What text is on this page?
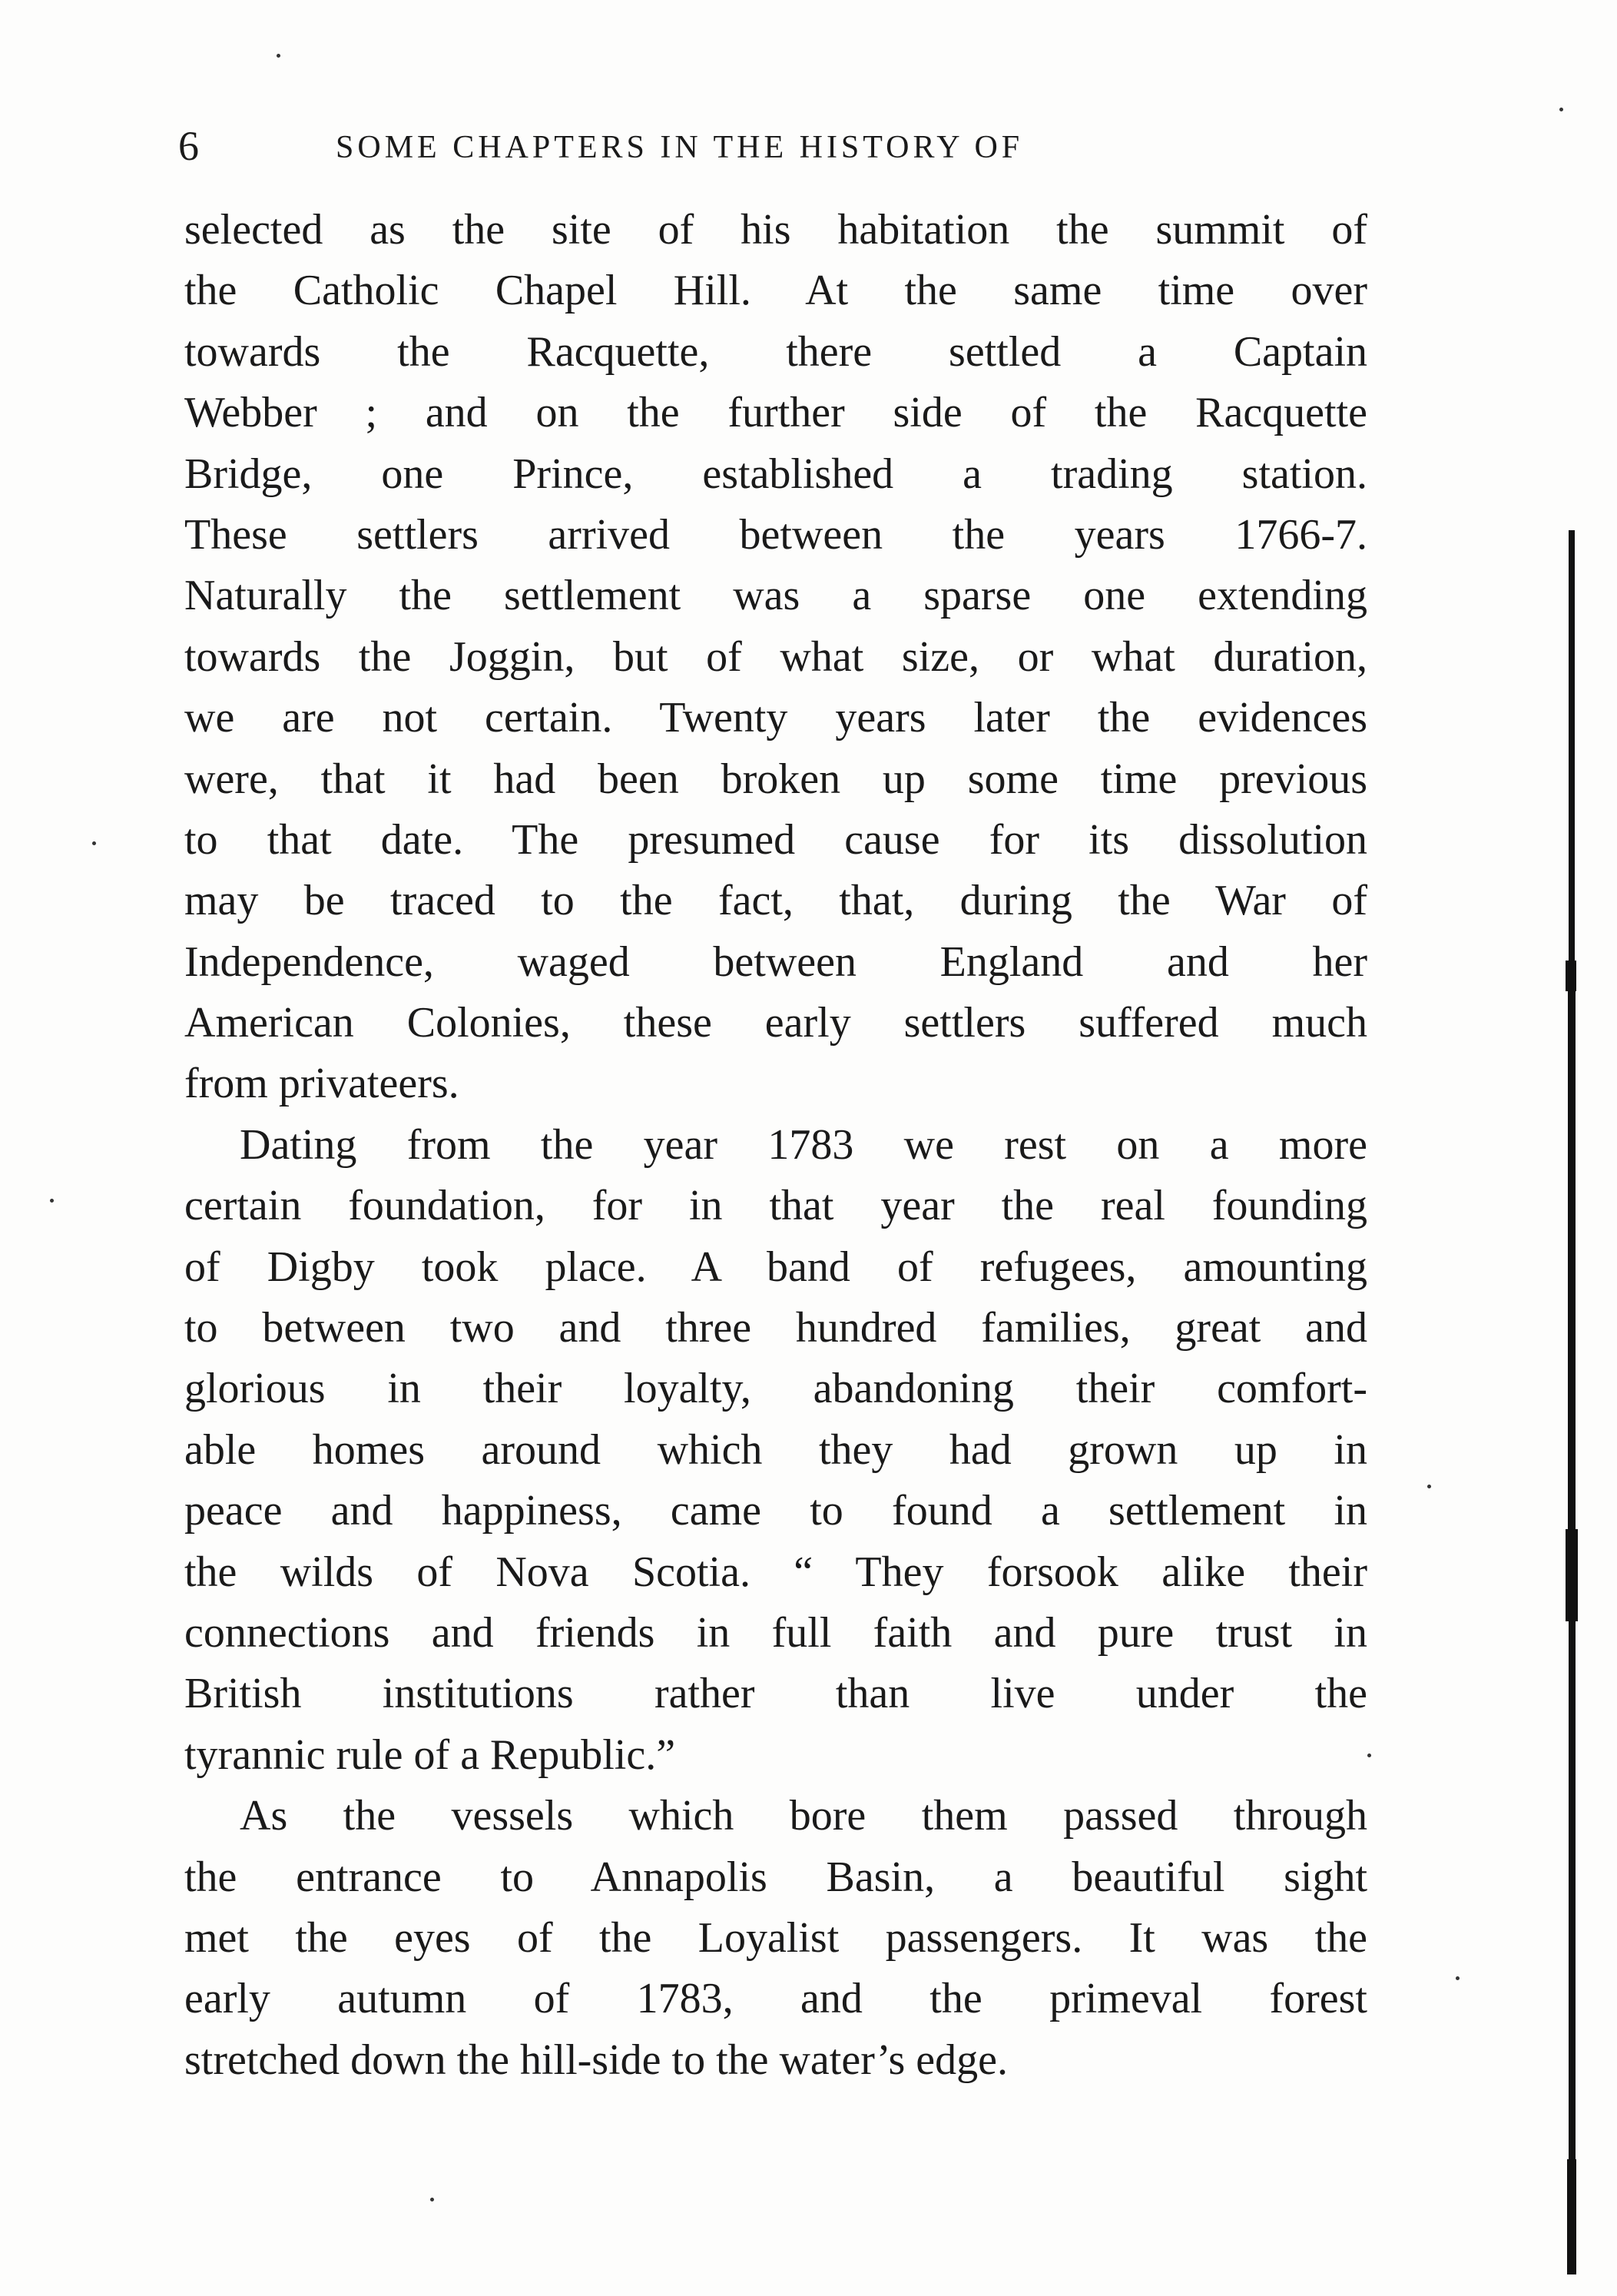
6	SOME CHAPTERS IN THE HISTORY OF
selected as the site of his habitation the summit of
the Catholic Chapel Hill. At the same time over
towards the Racquette, there settled a Captain
Webber ; and on the further side of the Racquette
Bridge, one Prince, established a trading station.
These settlers arrived between the years 1766-7.
Naturally the settlement was a sparse one extending
towards the Joggin, but of what size, or what duration,
we are not certain. Twenty years later the evidences
were, that it had been broken up some time previous
to that date. The presumed cause for its dissolution
may be traced to the fact, that, during the War of
Independence, waged between England and her
American Colonies, these early settlers suffered much
from privateers.
Dating from the year 1783 we rest on a more
certain foundation, for in that year the real founding
of Digby took place. A band of refugees, amounting
to between two and three hundred families, great and
glorious in their loyalty, abandoning their comfort-
able homes around which they had grown up in
peace and happiness, came to found a settlement in
the wilds of Nova Scotia. “ They forsook alike their
connections and friends in full faith and pure trust in
British institutions rather than live under the
tyrannic rule of a Republic.”
As the vessels which bore them passed through
the entrance to Annapolis Basin, a beautiful sight
met the eyes of the Loyalist passengers. It was the
early autumn of 1783, and the primeval forest
stretched down the hill-side to the water’s edge.
